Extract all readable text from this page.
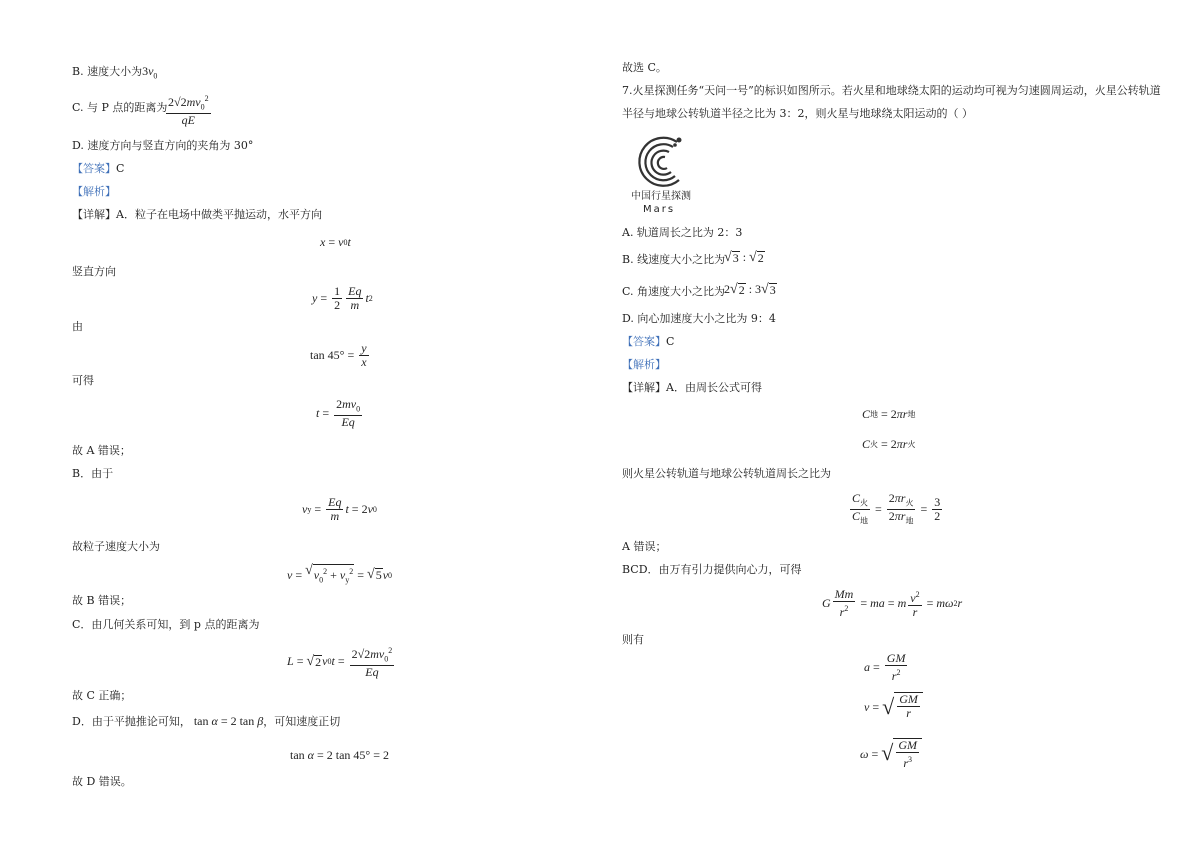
B. 速度大小为$3v_0$
C. 与 P 点的距离为
$\frac{2√2mv_0^2}{qE}$
D. 速度方向与竖直方向的夹角为 30°
【答案】C
【解析】
【详解】A．粒子在电场中做类平抛运动，水平方向
x = v 0 t
竖直方向
$y = \frac{1}{2} \frac{Eq}{m}$ t 2
由
$\tan 45^\circ = \frac{y}{x}$
可得
$t = \frac{2mv_0}{Eq}$
故 A 错误；
B．由于
v $y = \frac{Eq}{m}$ t = 2 v 0
故粒子速度大小为
v = √ $v_0^2 + v_y^2$ = √ 5 v 0
故 B 错误；
C．由几何关系可知，到 p 点的距离为
L = √ 2 v 0 $t = \frac{2√2mv_0^2}{Eq}$
故 C 正确；
D．由于平抛推论可知， tan α = 2 tan β，可知速度正切
tan α = 2 tan 45° = 2
故 D 错误。
故选 C。
7.火星探测任务“天问一号”的标识如图所示。若火星和地球绕太阳的运动均可视为匀速圆周运动，火星公转轨道
半径与地球公转轨道半径之比为 3：2，则火星与地球绕太阳运动的（ ）
中国行星探测
Mars
A. 轨道周长之比为 2：3
B. 线速度大小之比为
√ 3 : √ 2
C. 角速度大小之比为
2 √ 2 : 3 √ 3
D. 向心加速度大小之比为 9：4
【答案】C
【解析】
【详解】A．由周长公式可得
C 地 = 2 πr 地
C 火 = 2 πr 火
则火星公转轨道与地球公转轨道周长之比为
$\frac{C_火}{C_地} = \frac{2\pi r_火}{2\pi r_地} = \frac{3}{2}$
A 错误；
BCD．由万有引力提供向心力，可得
G $\frac{Mm}{r^2}$ = ma = m $\frac{v^2}{r} = m\omega$ 2 r
则有
$a = \frac{GM}{r^2}$
v = √ $\frac{GM}{r}$
ω = √ $\frac{GM}{r^3}$
